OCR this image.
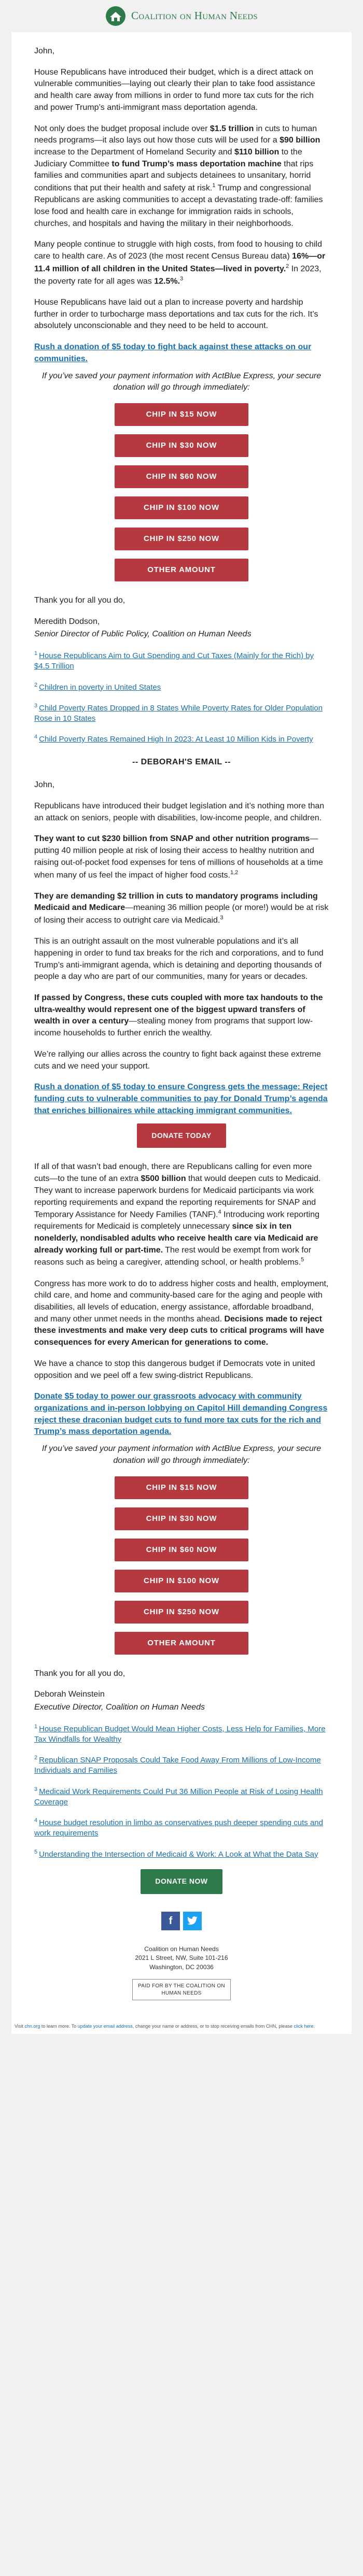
Coalition on Human Needs

John,

House Republicans have introduced their budget, which is a direct attack on vulnerable communities—laying out clearly their plan to take food assistance and health care away from millions in order to fund more tax cuts for the rich and power Trump’s anti-immigrant mass deportation agenda.

Not only does the budget proposal include over $1.5 trillion in cuts to human needs programs—it also lays out how those cuts will be used for a $90 billion increase to the Department of Homeland Security and $110 billion to the Judiciary Committee to fund Trump’s mass deportation machine that rips families and communities apart and subjects detainees to unsanitary, horrid conditions that put their health and safety at risk.$^1$ Trump and congressional Republicans are asking communities to accept a devastating trade-off: families lose food and health care in exchange for immigration raids in schools, churches, and hospitals and having the military in their neighborhoods.

Many people continue to struggle with high costs, from food to housing to child care to health care. As of 2023 (the most recent Census Bureau data) 16%—or 11.4 million of all children in the United States—lived in poverty.$^2$ In 2023, the poverty rate for all ages was 12.5%.$^3$

House Republicans have laid out a plan to increase poverty and hardship further in order to turbocharge mass deportations and tax cuts for the rich. It’s absolutely unconscionable and they need to be held to account.

Rush a donation of $5 today to fight back against these attacks on our communities.

If you’ve saved your payment information with ActBlue Express, your secure donation will go through immediately:

CHIP IN $15 NOW
CHIP IN $30 NOW
CHIP IN $60 NOW
CHIP IN $100 NOW
CHIP IN $250 NOW
OTHER AMOUNT

Thank you for all you do,

Meredith Dodson,

Senior Director of Public Policy, Coalition on Human Needs

$^1$ House Republicans Aim to Gut Spending and Cut Taxes (Mainly for the Rich) by $4.5 Trillion

$^2$ Children in poverty in United States

$^3$ Child Poverty Rates Dropped in 8 States While Poverty Rates for Older Population Rose in 10 States

$^4$ Child Poverty Rates Remained High In 2023: At Least 10 Million Kids in Poverty

-- DEBORAH'S EMAIL --

John,

Republicans have introduced their budget legislation and it’s nothing more than an attack on seniors, people with disabilities, low-income people, and children.

They want to cut $230 billion from SNAP and other nutrition programs—putting 40 million people at risk of losing their access to healthy nutrition and raising out-of-pocket food expenses for tens of millions of households at a time when many of us feel the impact of higher food costs.$^{1,2}$

They are demanding $2 trillion in cuts to mandatory programs including Medicaid and Medicare—meaning 36 million people (or more!) would be at risk of losing their access to outright care via Medicaid.$^3$

This is an outright assault on the most vulnerable populations and it’s all happening in order to fund tax breaks for the rich and corporations, and to fund Trump’s anti-immigrant agenda, which is detaining and deporting thousands of people a day who are part of our communities, many for years or decades.

If passed by Congress, these cuts coupled with more tax handouts to the ultra-wealthy would represent one of the biggest upward transfers of wealth in over a century—stealing money from programs that support low-income households to further enrich the wealthy.

We’re rallying our allies across the country to fight back against these extreme cuts and we need your support.

Rush a donation of $5 today to ensure Congress gets the message: Reject funding cuts to vulnerable communities to pay for Donald Trump’s agenda that enriches billionaires while attacking immigrant communities.

DONATE TODAY

If all of that wasn’t bad enough, there are Republicans calling for even more cuts—to the tune of an extra $500 billion that would deepen cuts to Medicaid. They want to increase paperwork burdens for Medicaid participants via work reporting requirements and expand the reporting requirements for SNAP and Temporary Assistance for Needy Families (TANF).$^4$ Introducing work reporting requirements for Medicaid is completely unnecessary since six in ten nonelderly, nondisabled adults who receive health care via Medicaid are already working full or part-time. The rest would be exempt from work for reasons such as being a caregiver, attending school, or health problems.$^5$

Congress has more work to do to address higher costs and health, employment, child care, and home and community-based care for the aging and people with disabilities, all levels of education, energy assistance, affordable broadband, and many other unmet needs in the months ahead. Decisions made to reject these investments and make very deep cuts to critical programs will have consequences for every American for generations to come.

We have a chance to stop this dangerous budget if Democrats vote in united opposition and we peel off a few swing-district Republicans.

Donate $5 today to power our grassroots advocacy with community organizations and in-person lobbying on Capitol Hill demanding Congress reject these draconian budget cuts to fund more tax cuts for the rich and Trump’s mass deportation agenda.

If you’ve saved your payment information with ActBlue Express, your secure donation will go through immediately:

CHIP IN $15 NOW
CHIP IN $30 NOW
CHIP IN $60 NOW
CHIP IN $100 NOW
CHIP IN $250 NOW
OTHER AMOUNT

Thank you for all you do,

Deborah Weinstein

Executive Director, Coalition on Human Needs

$^1$ House Republican Budget Would Mean Higher Costs, Less Help for Families, More Tax Windfalls for Wealthy

$^2$ Republican SNAP Proposals Could Take Food Away From Millions of Low-Income Individuals and Families

$^3$ Medicaid Work Requirements Could Put 36 Million People at Risk of Losing Health Coverage

$^4$ House budget resolution in limbo as conservatives push deeper spending cuts and work requirements

$^5$ Understanding the Intersection of Medicaid & Work: A Look at What the Data Say

DONATE NOW
f
Coalition on Human Needs
2021 L Street, NW, Suite 101-216
Washington, DC 20036
PAID FOR BY THE COALITION ON
HUMAN NEEDS
Visit chn.org to learn more. To update your email address, change your name or address, or to stop receiving emails from CHN, please click here.
